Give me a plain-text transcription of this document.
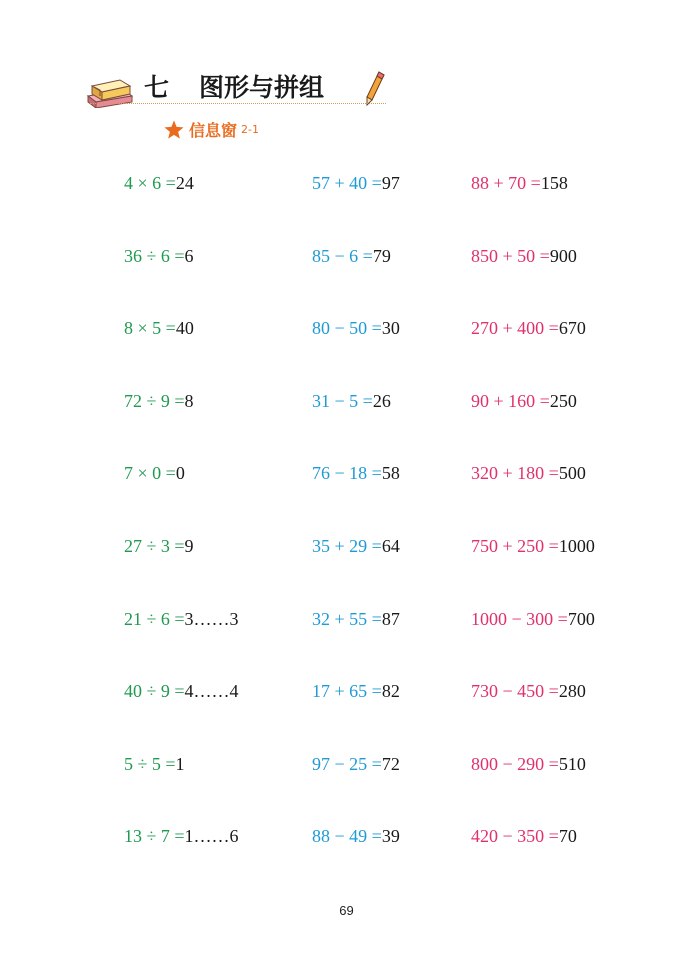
七 图形与拼组
信息窗 2-1
4 × 6 =24	57 + 40 =97	88 + 70 =158
36 ÷ 6 =6	85 − 6 =79	850 + 50 =900
8 × 5 =40	80 − 50 =30	270 + 400 =670
72 ÷ 9 =8	31 − 5 =26	90 + 160 =250
7 × 0 =0	76 − 18 =58	320 + 180 =500
27 ÷ 3 =9	35 + 29 =64	750 + 250 =1000
21 ÷ 6 =3……3	32 + 55 =87	1000 − 300 =700
40 ÷ 9 =4……4	17 + 65 =82	730 − 450 =280
5 ÷ 5 =1	97 − 25 =72	800 − 290 =510
13 ÷ 7 =1……6	88 − 49 =39	420 − 350 =70
69
